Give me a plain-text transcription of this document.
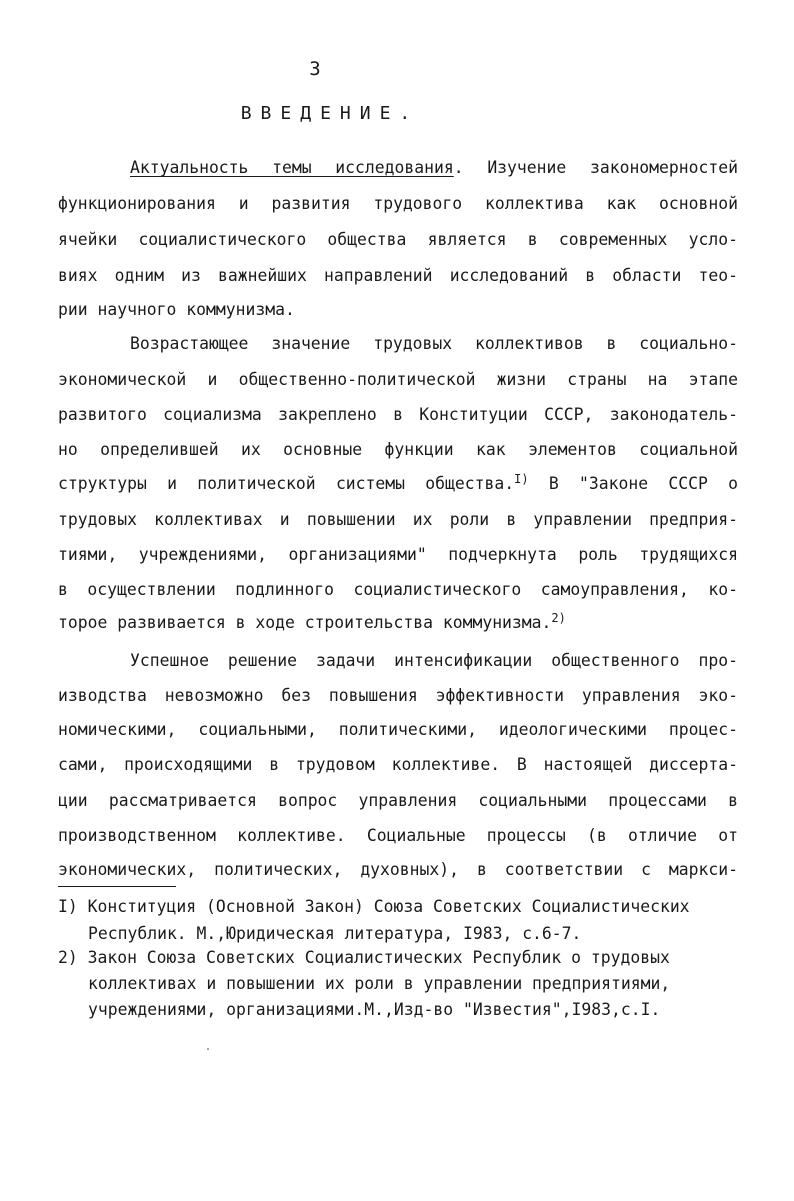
3
ВВЕДЕНИЕ.
Актуальность темы исследования. Изучение закономерностей
функционирования и развития трудового коллектива как основной
ячейки социалистического общества является в современных усло-
виях одним из важнейших направлений исследований в области тео-
рии научного коммунизма.
Возрастающее значение трудовых коллективов в социально-
экономической и общественно-политической жизни страны на этапе
развитого социализма закреплено в Конституции СССР, законодатель-
но определившей их основные функции как элементов социальной
структуры и политической системы общества.$^{I)}$ В "Законе СССР о
трудовых коллективах и повышении их роли в управлении предприя-
тиями, учреждениями, организациями" подчеркнута роль трудящихся
в осуществлении подлинного социалистического самоуправления, ко-
торое развивается в ходе строительства коммунизма.$^{2)}$
Успешное решение задачи интенсификации общественного про-
изводства невозможно без повышения эффективности управления эко-
номическими, социальными, политическими, идеологическими процес-
сами, происходящими в трудовом коллективе. В настоящей диссерта-
ции рассматривается вопрос управления социальными процессами в
производственном коллективе. Социальные процессы (в отличие от
экономических, политических, духовных), в соответствии с маркси-
I) Конституция (Основной Закон) Союза Советских Социалистических
Республик. М.,Юридическая литература, I983, с.6-7.
2) Закон Союза Советских Социалистических Республик о трудовых
коллективах и повышении их роли в управлении предприятиями,
учреждениями, организациями.М.,Изд-во "Известия",I983,с.I.
